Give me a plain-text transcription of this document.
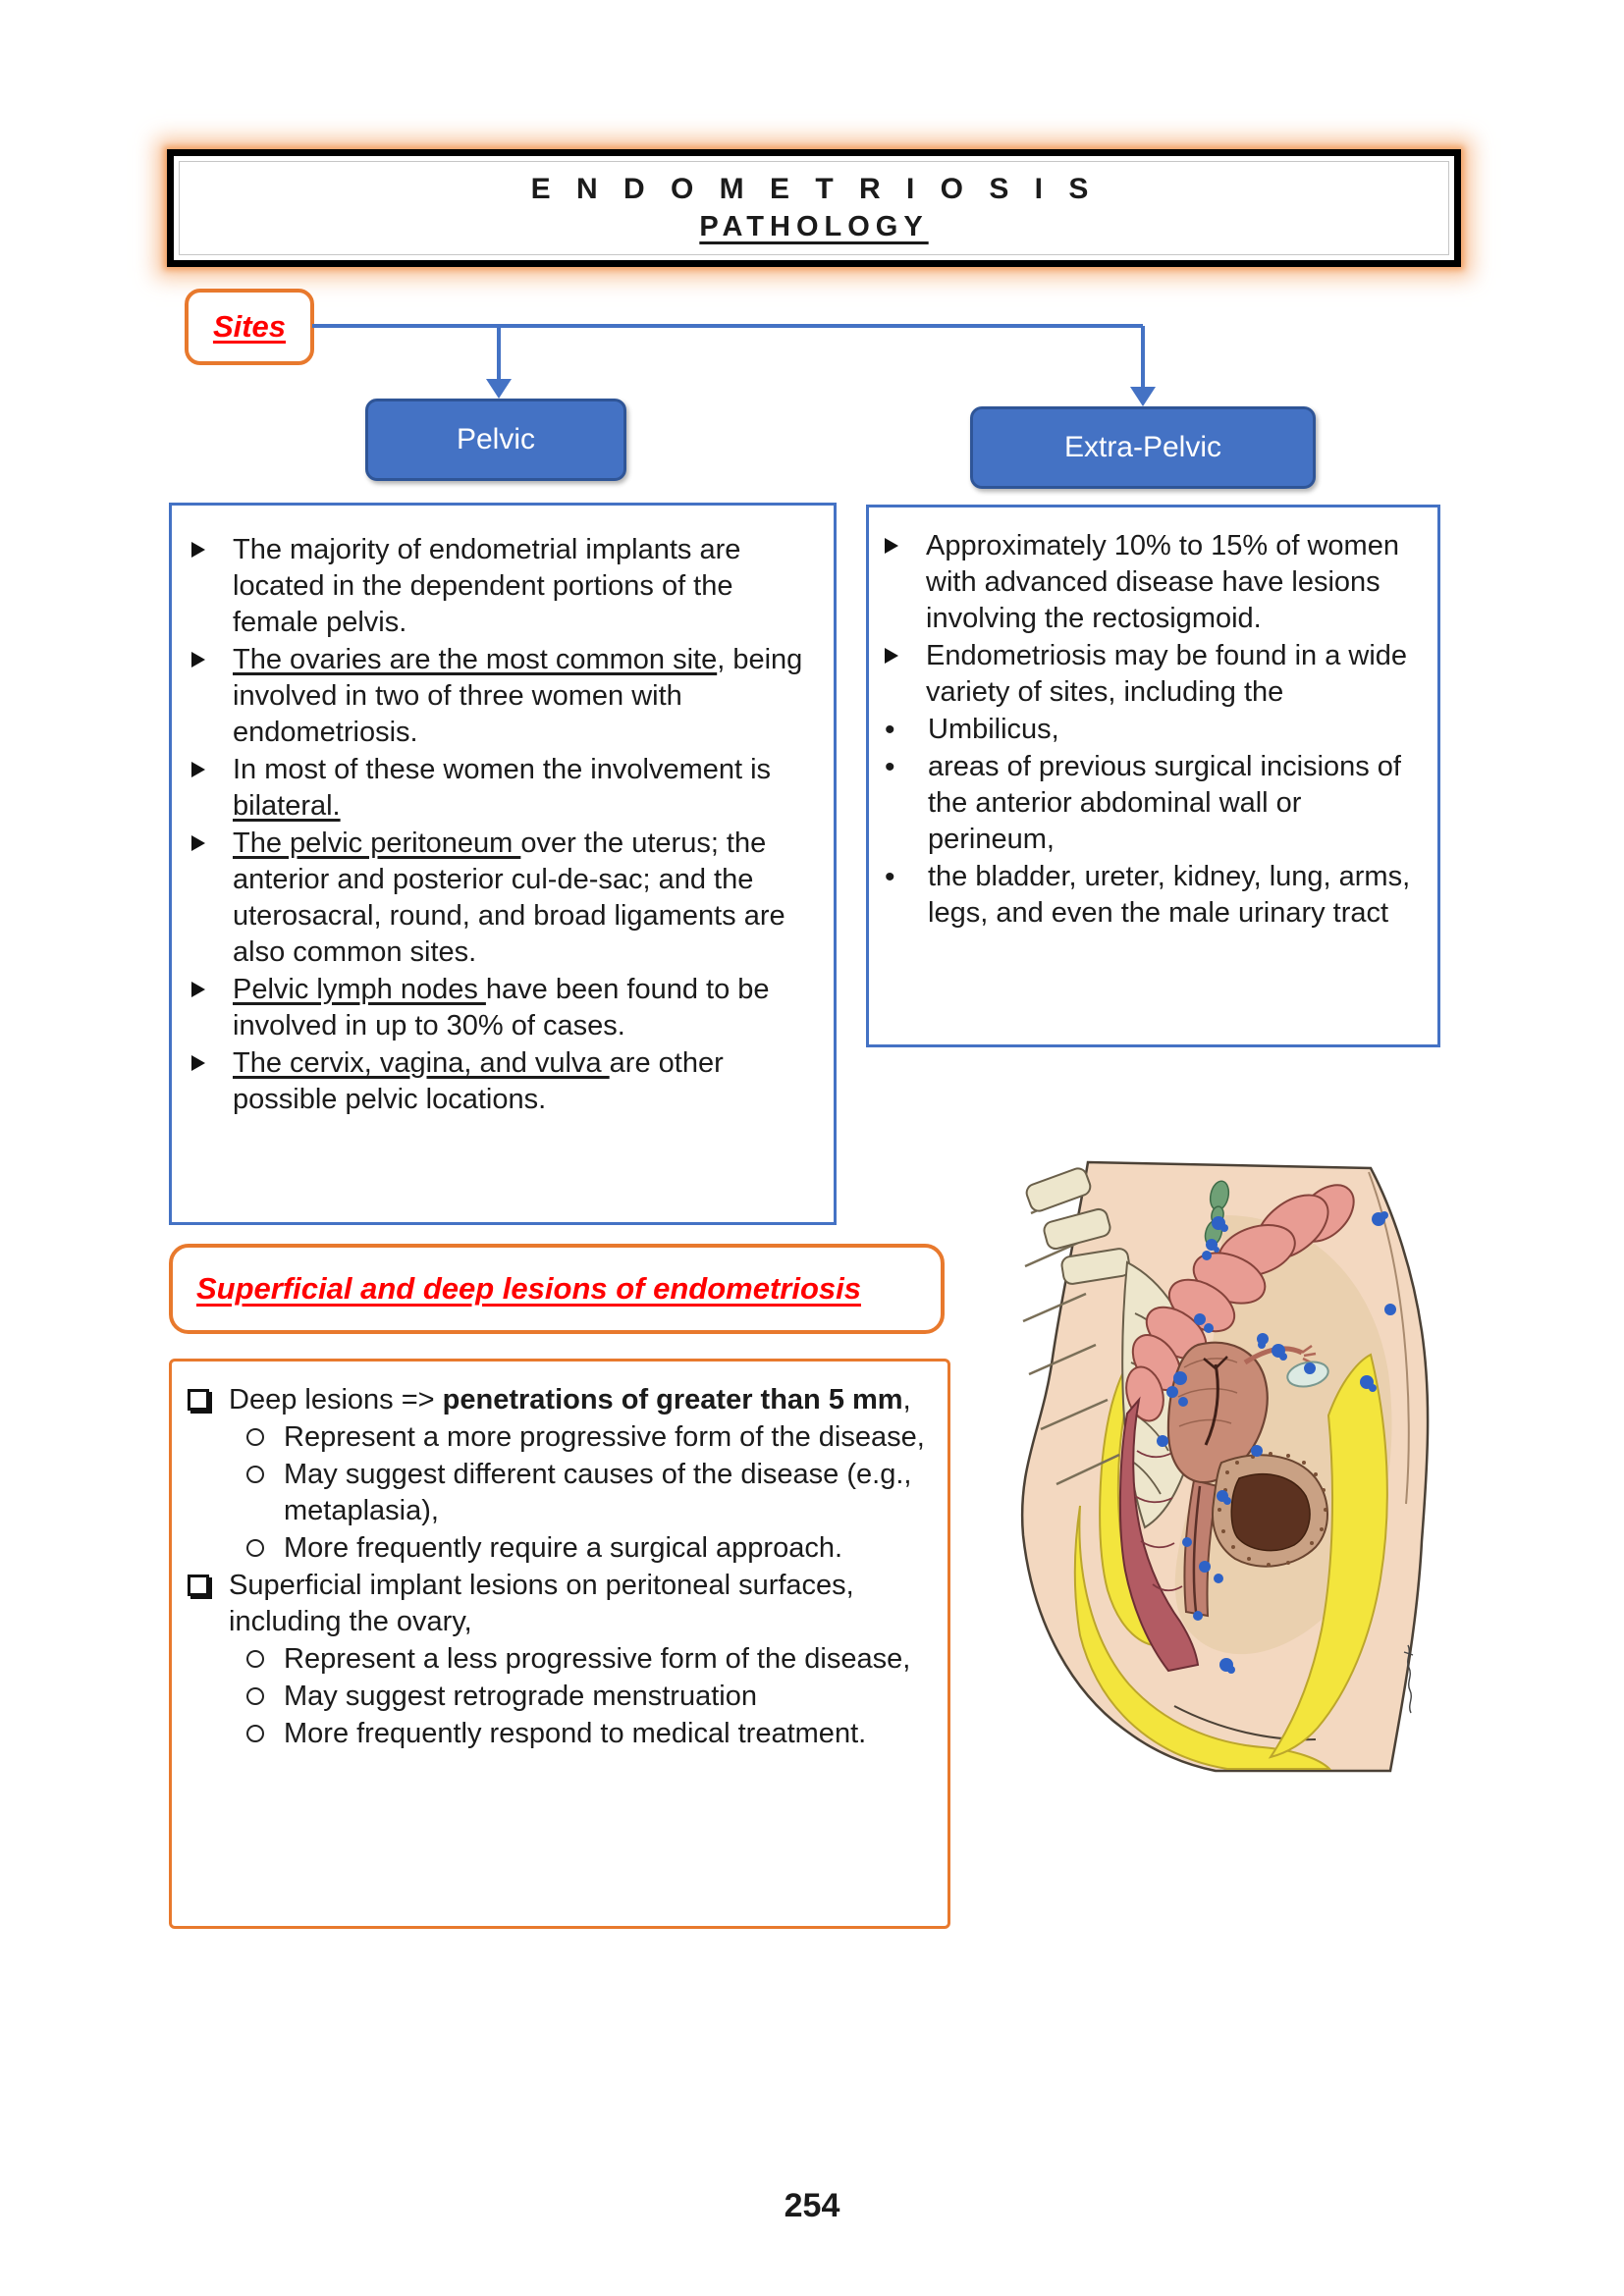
E N D O M E T R I O S I S
PATHOLOGY
Sites
Pelvic	Extra-Pelvic
The majority of endometrial implants are located in the dependent portions of the female pelvis.
The ovaries are the most common site, being involved in two of three women with endometriosis.
In most of these women the involvement is bilateral.
The pelvic peritoneum over the uterus; the anterior and posterior cul-de-sac; and the uterosacral, round, and broad ligaments are also common sites.
Pelvic lymph nodes have been found to be involved in up to 30% of cases.
The cervix, vagina, and vulva are other possible pelvic locations.
Approximately 10% to 15% of women with advanced disease have lesions involving the rectosigmoid.
Endometriosis may be found in a wide variety of sites, including the
•	Umbilicus,
•	areas of previous surgical incisions of the anterior abdominal wall or perineum,
•	the bladder, ureter, kidney, lung, arms, legs, and even the male urinary tract
Superficial and deep lesions of endometriosis
Deep lesions => penetrations of greater than 5 mm,
Represent a more progressive form of the disease,
May suggest different causes of the disease (e.g., metaplasia),
More frequently require a surgical approach.
Superficial implant lesions on peritoneal surfaces, including the ovary,
Represent a less progressive form of the disease,
May suggest retrograde menstruation
More frequently respond to medical treatment.
254
